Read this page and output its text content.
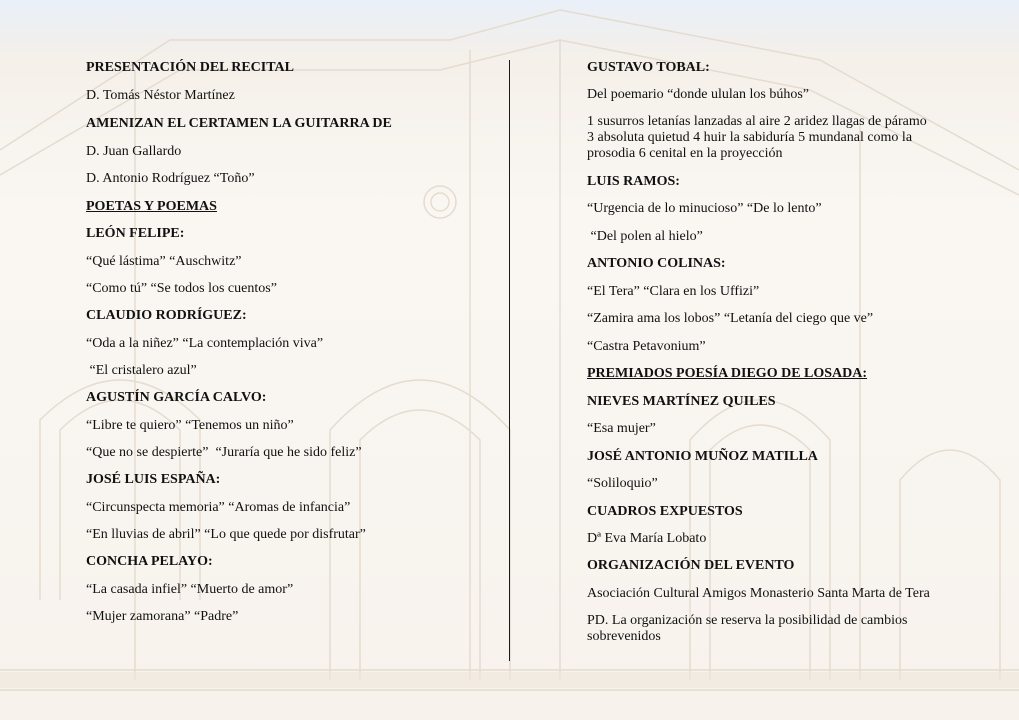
PRESENTACIÓN DEL RECITAL

D. Tomás Néstor Martínez

AMENIZAN EL CERTAMEN LA GUITARRA DE

D. Juan Gallardo

D. Antonio Rodríguez “Toño”

POETAS Y POEMAS

LEÓN FELIPE:

“Qué lástima” “Auschwitz”

“Como tú” “Se todos los cuentos”

CLAUDIO RODRÍGUEZ:

“Oda a la niñez” “La contemplación viva”

“El cristalero azul”

AGUSTÍN GARCÍA CALVO:

“Libre te quiero” “Tenemos un niño”

“Que no se despierte”  “Juraría que he sido feliz”

JOSÉ LUIS ESPAÑA:

“Circunspecta memoria” “Aromas de infancia”

“En lluvias de abril” “Lo que quede por disfrutar”

CONCHA PELAYO:

“La casada infiel” “Muerto de amor”

“Mujer zamorana” “Padre”

GUSTAVO TOBAL:

Del poemario “donde ululan los búhos”

1 susurros letanías lanzadas al aire 2 aridez llagas de páramo 3 absoluta quietud 4 huir la sabiduría 5 mundanal como la prosodia 6 cenital en la proyección

LUIS RAMOS:

“Urgencia de lo minucioso” “De lo lento”

“Del polen al hielo”

ANTONIO COLINAS:

“El Tera” “Clara en los Uffizi”

“Zamira ama los lobos” “Letanía del ciego que ve”

“Castra Petavonium”

PREMIADOS POESÍA DIEGO DE LOSADA:

NIEVES MARTÍNEZ QUILES

“Esa mujer”

JOSÉ ANTONIO MUÑOZ MATILLA

“Soliloquio”

CUADROS EXPUESTOS

Dª Eva María Lobato

ORGANIZACIÓN DEL EVENTO

Asociación Cultural Amigos Monasterio Santa Marta de Tera

PD. La organización se reserva la posibilidad de cambios sobrevenidos
